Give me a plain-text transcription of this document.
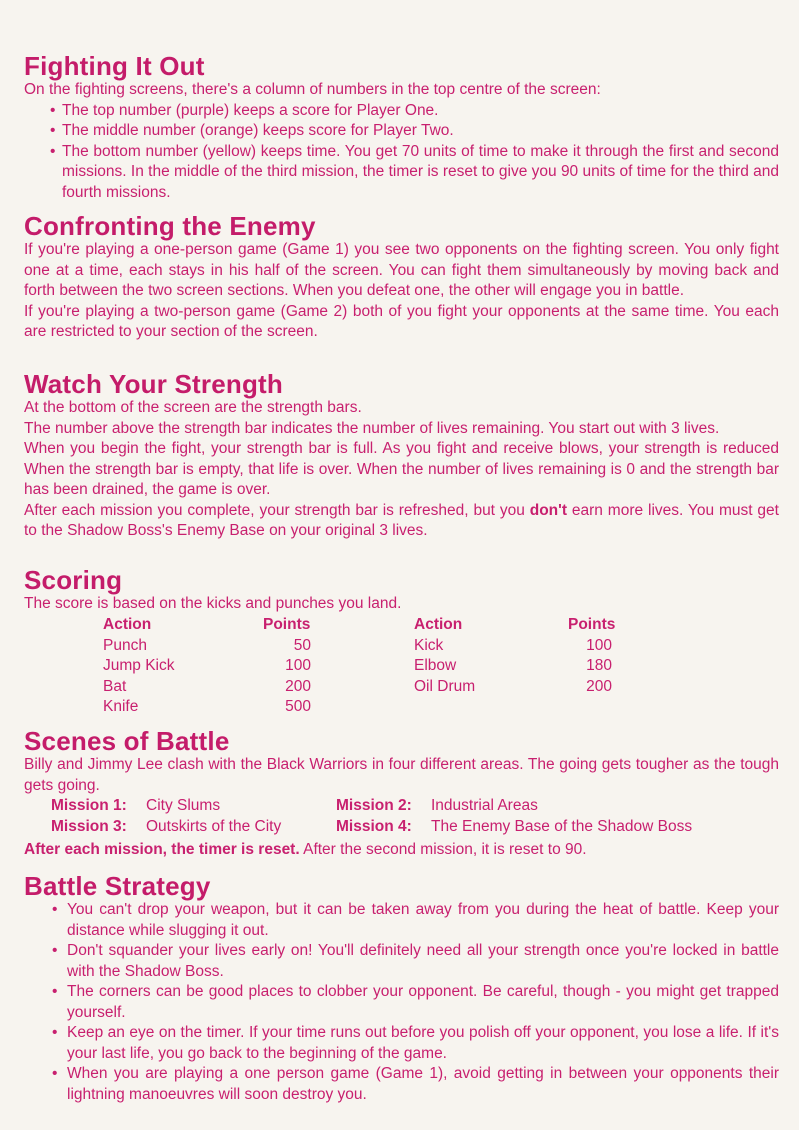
Fighting It Out

On the fighting screens, there's a column of numbers in the top centre of the screen:

• The top number (purple) keeps a score for Player One.
• The middle number (orange) keeps score for Player Two.
• The bottom number (yellow) keeps time. You get 70 units of time to make it through the first and second missions. In the middle of the third mission, the timer is reset to give you 90 units of time for the third and fourth missions.
Confronting the Enemy

If you're playing a one-person game (Game 1) you see two opponents on the fighting screen. You only fight one at a time, each stays in his half of the screen. You can fight them simultaneously by moving back and forth between the two screen sections. When you defeat one, the other will engage you in battle.

If you're playing a two-person game (Game 2) both of you fight your opponents at the same time. You each are restricted to your section of the screen.

Watch Your Strength

At the bottom of the screen are the strength bars.

The number above the strength bar indicates the number of lives remaining. You start out with 3 lives.

When you begin the fight, your strength bar is full. As you fight and receive blows, your strength is reduced When the strength bar is empty, that life is over. When the number of lives remaining is 0 and the strength bar has been drained, the game is over.

After each mission you complete, your strength bar is refreshed, but you don't earn more lives. You must get to the Shadow Boss's Enemy Base on your original 3 lives.

Scoring

The score is based on the kicks and punches you land.

Action	Points
Punch	50
Jump Kick	100
Bat	200
Knife	500
Action	Points
Kick	100
Elbow	180
Oil Drum	200
Scenes of Battle

Billy and Jimmy Lee clash with the Black Warriors in four different areas. The going gets tougher as the tough gets going.

Mission 1:	City Slums	Mission 2:	Industrial Areas
Mission 3:	Outskirts of the City	Mission 4:	The Enemy Base of the Shadow Boss

After each mission, the timer is reset. After the second mission, it is reset to 90.

Battle Strategy
• You can't drop your weapon, but it can be taken away from you during the heat of battle. Keep your distance while slugging it out.
• Don't squander your lives early on! You'll definitely need all your strength once you're locked in battle with the Shadow Boss.
• The corners can be good places to clobber your opponent. Be careful, though - you might get trapped yourself.
• Keep an eye on the timer. If your time runs out before you polish off your opponent, you lose a life. If it's your last life, you go back to the beginning of the game.
• When you are playing a one person game (Game 1), avoid getting in between your opponents their lightning manoeuvres will soon destroy you.
